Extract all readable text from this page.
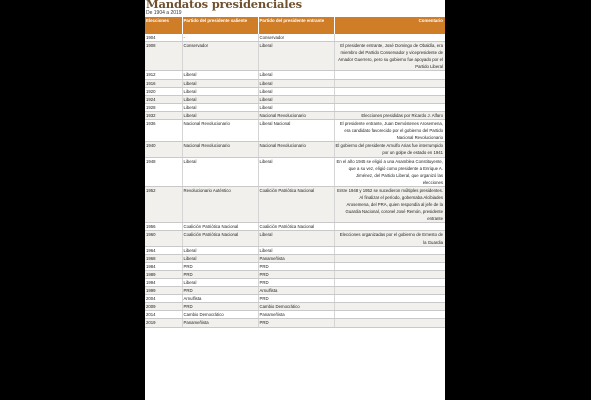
Mandatos presidenciales
De 1904 a 2019
Elecciones	Partido del presidente saliente	Partido del presidente entrante	Comentario
1904	-	Conservador	
1908	Conservador	Liberal	El presidente entrante, José Domingo de Obaldía, era miembro del Partido Conservador y vicepresidente de Amador Guerrero, pero su gobierno fue apoyado por el Partido Liberal
1912	Liberal	Liberal	
1916	Liberal	Liberal	
1920	Liberal	Liberal	
1924	Liberal	Liberal	
1928	Liberal	Liberal	
1932	Liberal	Nacional Revolucionario	Elecciones presididas por Ricardo J. Alfaro
1936	Nacional Revolucionario	Liberal Nacional	El presidente entrante, Juan Demóstenes Arosemena, era candidato favorecido por el gobierno del Partido Nacional Revolucionario
1940	Nacional Revolucionario	Nacional Revolucionario	El gobierno del presidente Arnulfo Arias fue interrumpido por un golpe de estado en 1941
1948	Liberal	Liberal	En el año 1945 se eligió a una Asamblea Constituyente, que a su vez, eligió como presidente a Enrique A. Jiménez, del Partido Liberal, que organizó las elecciones
1952	Revolucionario Auténtico	Coalición Patriótica Nacional	Entre 1948 y 1952 se sucedieron múltiples presidentes. Al finalizar el período, gobernaba Alcibiades Arosemena, del PRA, quien respondía al jefe de la Guardia Nacional, coronel José Remón, presidente entrante
1956	Coalición Patriótica Nacional	Coalición Patriótica Nacional	
1960	Coalición Patriótica Nacional	Liberal	Elecciones organizadas por el gobierno de Ernesto de la Guardia
1964	Liberal	Liberal	
1968	Liberal	Panameñista	
1984	PRD	PRD	
1989	PRD	PRD	
1994	Liberal	PRD	
1999	PRD	Arnulfista	
2004	Arnulfista	PRD	
2009	PRD	Cambio Democrático	
2014	Cambio Democrático	Panameñista	
2019	Panameñista	PRD	
